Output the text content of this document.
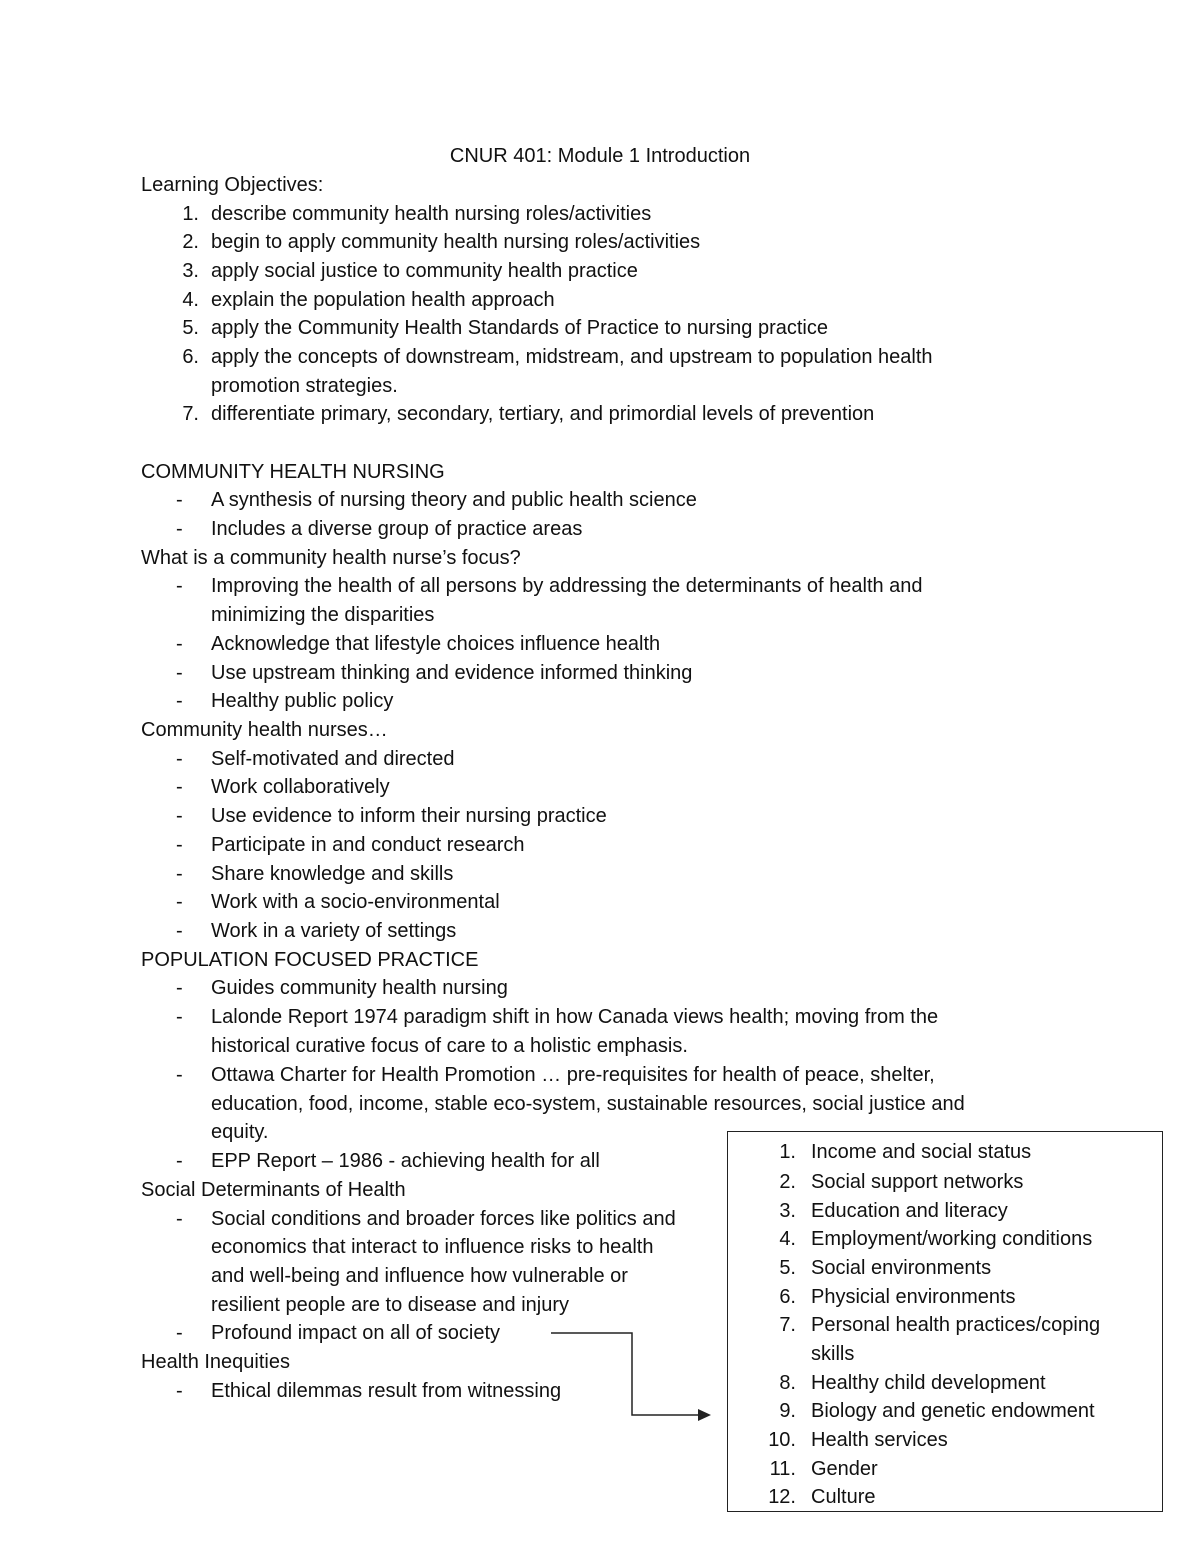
CNUR 401: Module 1 Introduction
Learning Objectives:
1. describe community health nursing roles/activities
2. begin to apply community health nursing roles/activities
3. apply social justice to community health practice
4. explain the population health approach
5. apply the Community Health Standards of Practice to nursing practice
6. apply the concepts of downstream, midstream, and upstream to population health
promotion strategies.
7. differentiate primary, secondary, tertiary, and primordial levels of prevention
COMMUNITY HEALTH NURSING
- A synthesis of nursing theory and public health science
- Includes a diverse group of practice areas
What is a community health nurse’s focus?
- Improving the health of all persons by addressing the determinants of health and
minimizing the disparities
- Acknowledge that lifestyle choices influence health
- Use upstream thinking and evidence informed thinking
- Healthy public policy
Community health nurses…
- Self-motivated and directed
- Work collaboratively
- Use evidence to inform their nursing practice
- Participate in and conduct research
- Share knowledge and skills
- Work with a socio-environmental
- Work in a variety of settings
POPULATION FOCUSED PRACTICE
- Guides community health nursing
- Lalonde Report 1974 paradigm shift in how Canada views health; moving from the
historical curative focus of care to a holistic emphasis.
- Ottawa Charter for Health Promotion … pre-requisites for health of peace, shelter,
education, food, income, stable eco-system, sustainable resources, social justice and
equity.
- EPP Report – 1986 - achieving health for all
Social Determinants of Health
- Social conditions and broader forces like politics and
economics that interact to influence risks to health
and well-being and influence how vulnerable or
resilient people are to disease and injury
- Profound impact on all of society
Health Inequities
- Ethical dilemmas result from witnessing
1. Income and social status
2. Social support networks
3. Education and literacy
4. Employment/working conditions
5. Social environments
6. Physicial environments
7. Personal health practices/coping
skills
8. Healthy child development
9. Biology and genetic endowment
10. Health services
11. Gender
12. Culture
